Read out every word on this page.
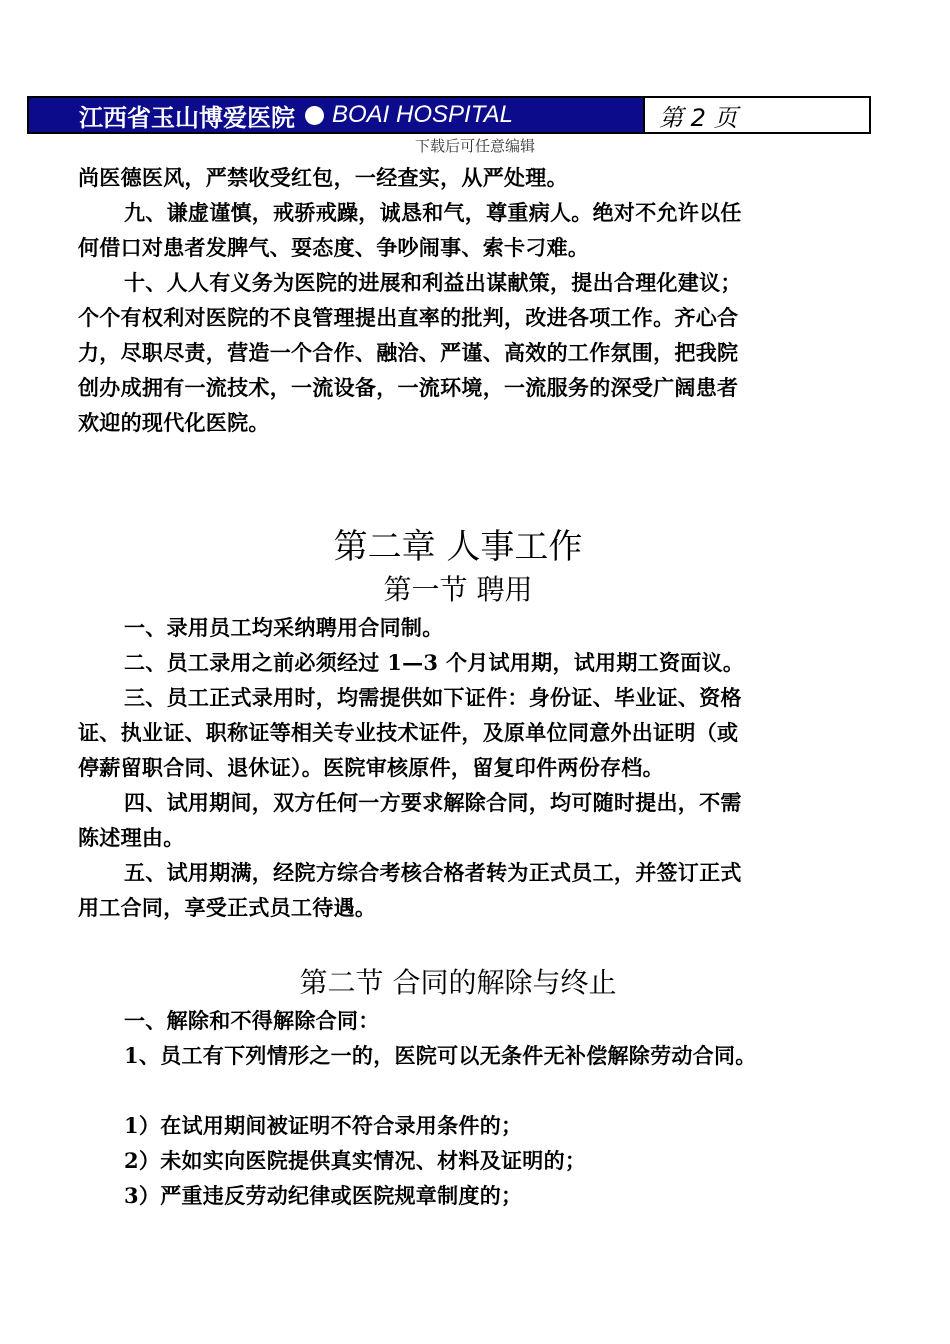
江西省玉山博爱医院 BOAI HOSPITAL	第 2 页
下载后可任意编辑

尚医德医风，严禁收受红包，一经查实，从严处理。

九、谦虚谨慎，戒骄戒躁，诚恳和气，尊重病人。绝对不允许以任

何借口对患者发脾气、耍态度、争吵闹事、索卡刁难。

十、人人有义务为医院的进展和利益出谋献策，提出合理化建议；

个个有权利对医院的不良管理提出直率的批判，改进各项工作。齐心合

力，尽职尽责，营造一个合作、融洽、严谨、高效的工作氛围，把我院

创办成拥有一流技术，一流设备，一流环境，一流服务的深受广阔患者

欢迎的现代化医院。

第二章 人事工作
第一节 聘用

一、录用员工均采纳聘用合同制。

二、员工录用之前必须经过 1—3 个月试用期，试用期工资面议。

三、员工正式录用时，均需提供如下证件：身份证、毕业证、资格

证、执业证、职称证等相关专业技术证件，及原单位同意外出证明（或

停薪留职合同、退休证）。医院审核原件，留复印件两份存档。

四、试用期间，双方任何一方要求解除合同，均可随时提出，不需

陈述理由。

五、试用期满，经院方综合考核合格者转为正式员工，并签订正式

用工合同，享受正式员工待遇。

第二节 合同的解除与终止

一、解除和不得解除合同：

1、员工有下列情形之一的，医院可以无条件无补偿解除劳动合同。

1）在试用期间被证明不符合录用条件的；

2）未如实向医院提供真实情况、材料及证明的；

3）严重违反劳动纪律或医院规章制度的；
